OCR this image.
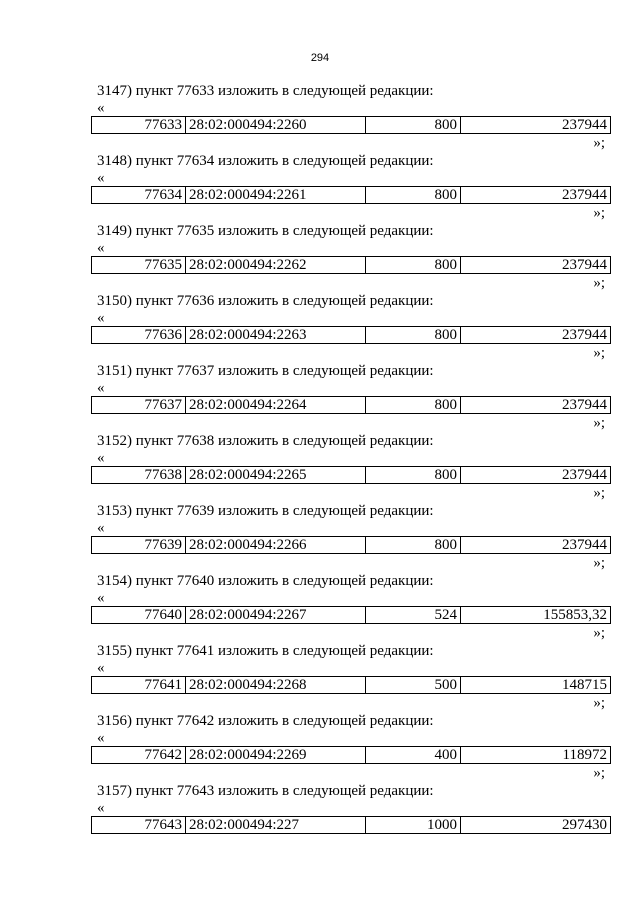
294
3147) пункт 77633 изложить в следующей редакции:
«
77633	28:02:000494:2260	800	237944
»;
3148) пункт 77634 изложить в следующей редакции:
«
77634	28:02:000494:2261	800	237944
»;
3149) пункт 77635 изложить в следующей редакции:
«
77635	28:02:000494:2262	800	237944
»;
3150) пункт 77636 изложить в следующей редакции:
«
77636	28:02:000494:2263	800	237944
»;
3151) пункт 77637 изложить в следующей редакции:
«
77637	28:02:000494:2264	800	237944
»;
3152) пункт 77638 изложить в следующей редакции:
«
77638	28:02:000494:2265	800	237944
»;
3153) пункт 77639 изложить в следующей редакции:
«
77639	28:02:000494:2266	800	237944
»;
3154) пункт 77640 изложить в следующей редакции:
«
77640	28:02:000494:2267	524	155853,32
»;
3155) пункт 77641 изложить в следующей редакции:
«
77641	28:02:000494:2268	500	148715
»;
3156) пункт 77642 изложить в следующей редакции:
«
77642	28:02:000494:2269	400	118972
»;
3157) пункт 77643 изложить в следующей редакции:
«
77643	28:02:000494:227	1000	297430
